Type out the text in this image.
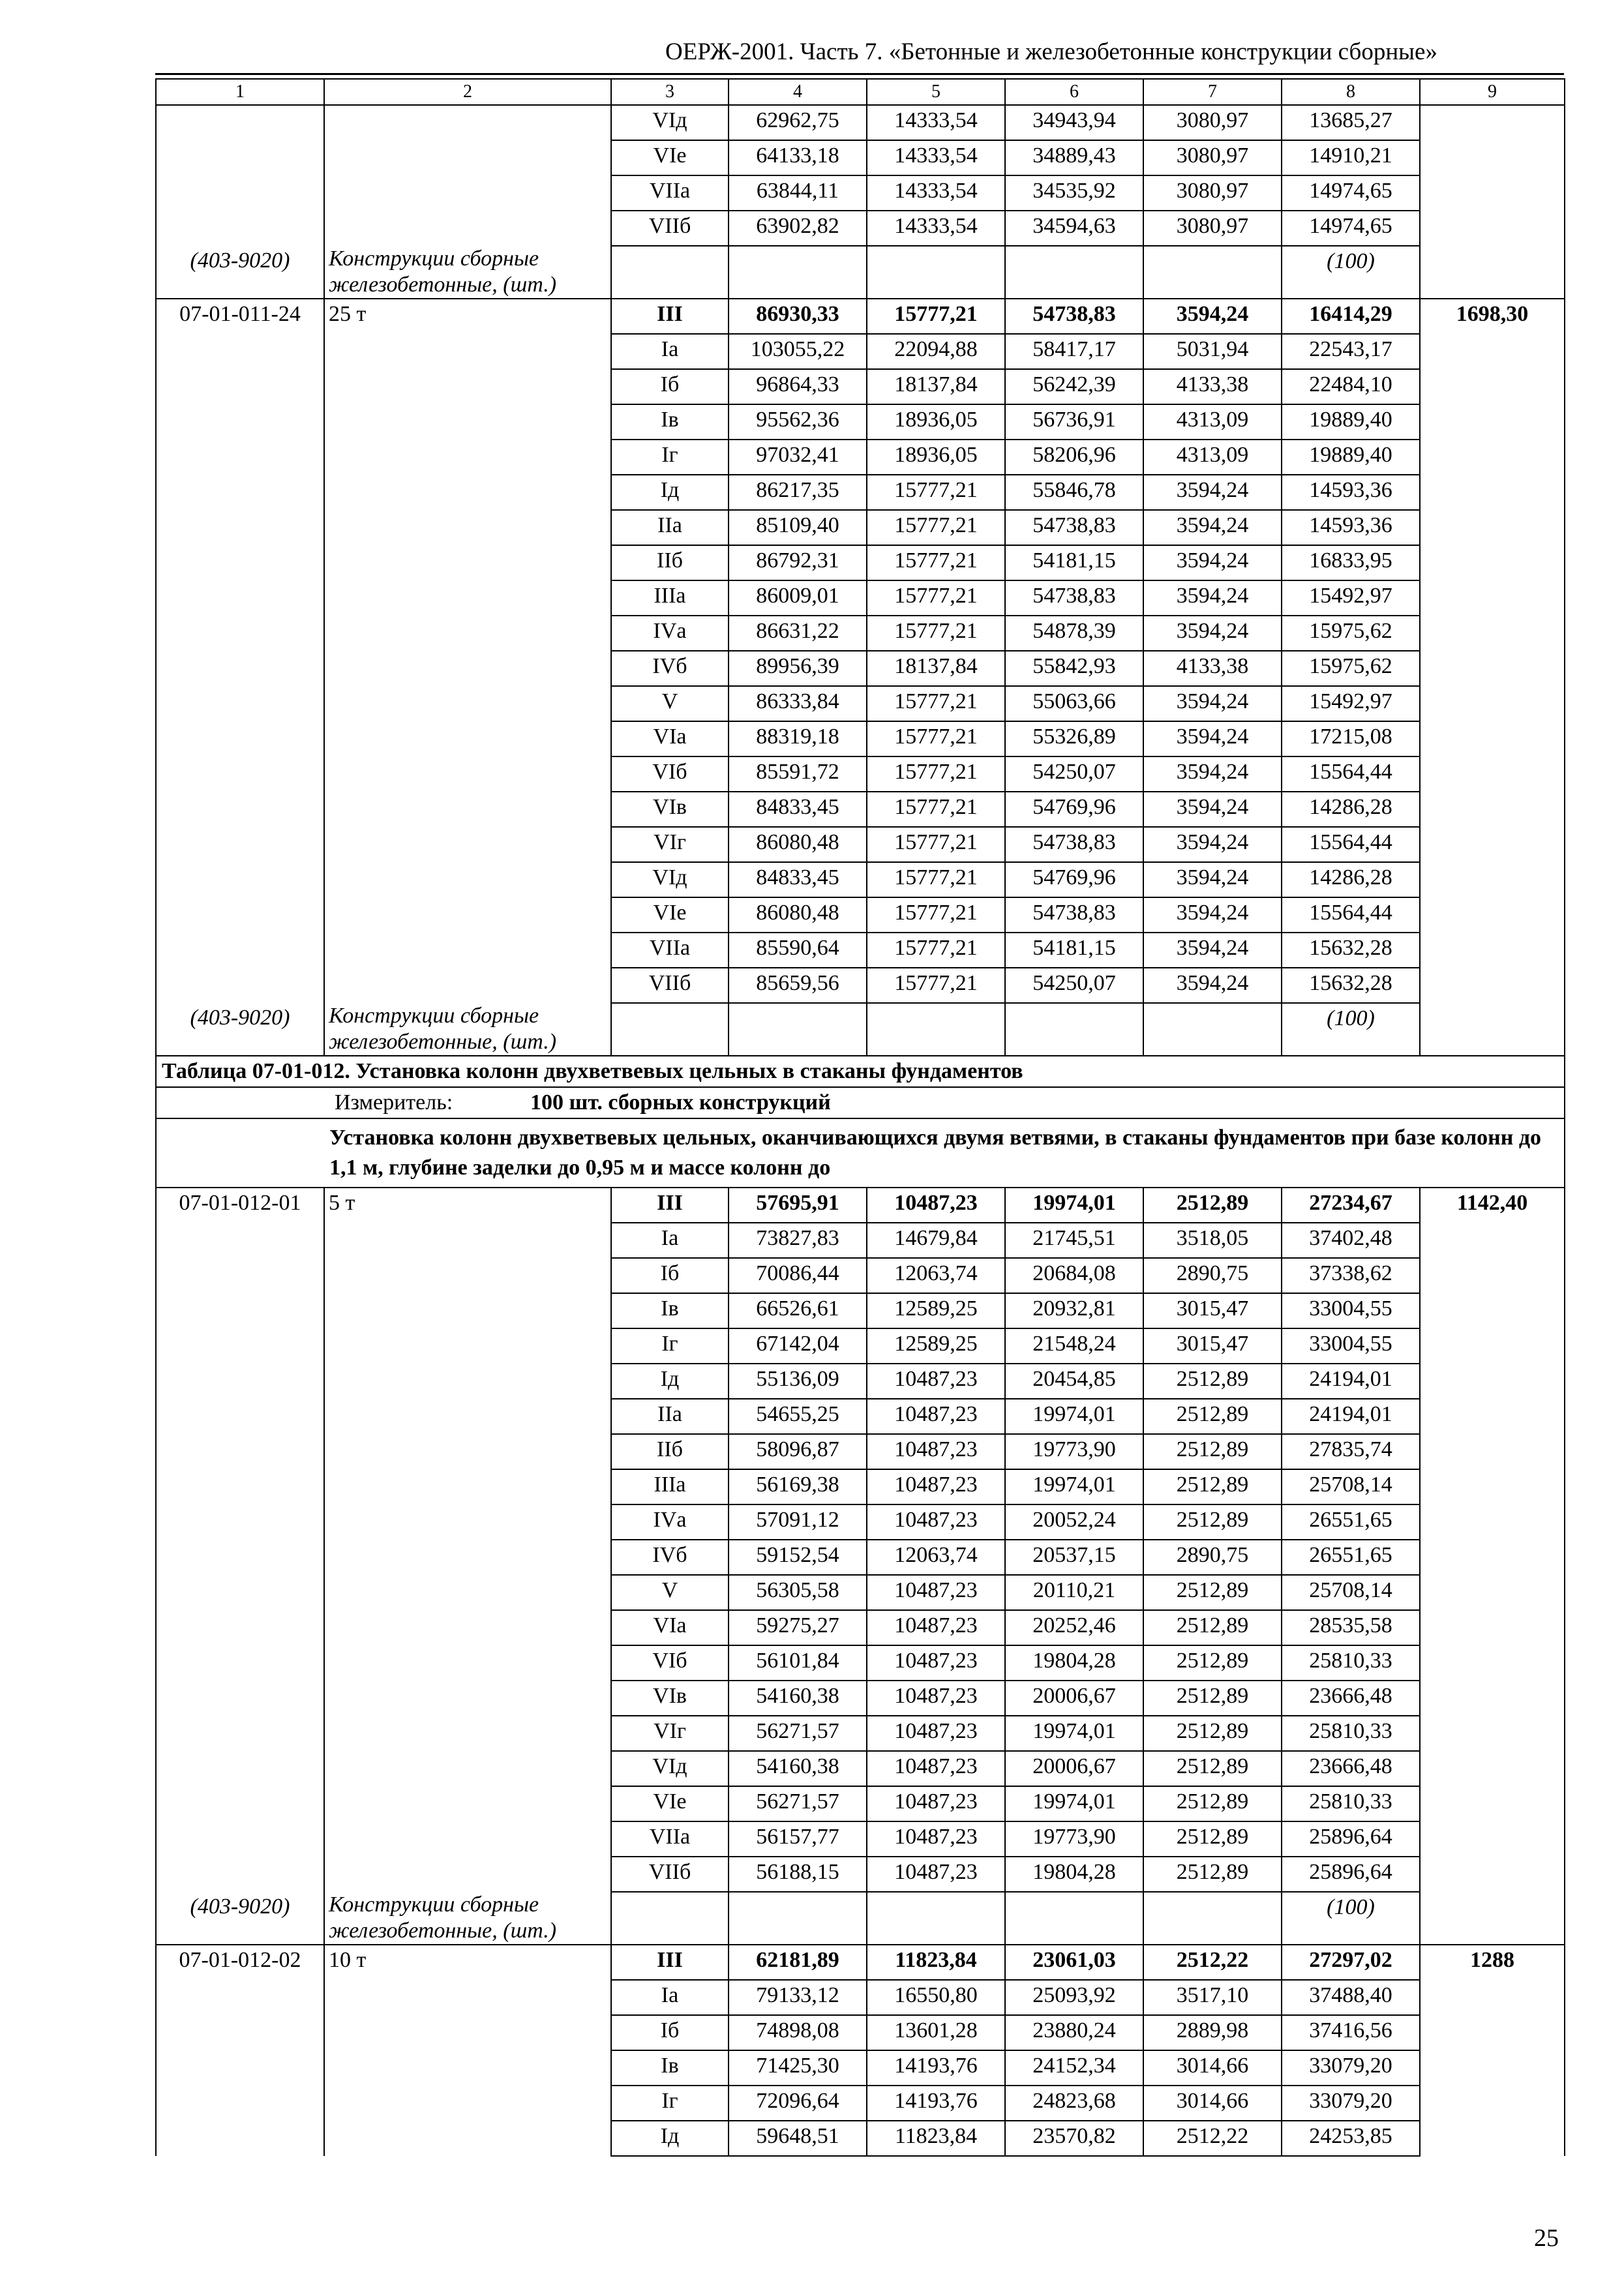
ОЕРЖ-2001. Часть 7. «Бетонные и железобетонные конструкции сборные»
1	2	3	4	5	6	7	8	9
		VIд	62962,75	14333,54	34943,94	3080,97	13685,27	
		VIе	64133,18	14333,54	34889,43	3080,97	14910,21	
		VIIа	63844,11	14333,54	34535,92	3080,97	14974,65	
		VIIб	63902,82	14333,54	34594,63	3080,97	14974,65	
(403-9020)	Конструкции сборные железобетонные, (шт.)						(100)	
07-01-011-24	25 т	III	86930,33	15777,21	54738,83	3594,24	16414,29	1698,30
		Iа	103055,22	22094,88	58417,17	5031,94	22543,17	
		Iб	96864,33	18137,84	56242,39	4133,38	22484,10	
		Iв	95562,36	18936,05	56736,91	4313,09	19889,40	
		Iг	97032,41	18936,05	58206,96	4313,09	19889,40	
		Iд	86217,35	15777,21	55846,78	3594,24	14593,36	
		IIа	85109,40	15777,21	54738,83	3594,24	14593,36	
		IIб	86792,31	15777,21	54181,15	3594,24	16833,95	
		IIIа	86009,01	15777,21	54738,83	3594,24	15492,97	
		IVа	86631,22	15777,21	54878,39	3594,24	15975,62	
		IVб	89956,39	18137,84	55842,93	4133,38	15975,62	
		V	86333,84	15777,21	55063,66	3594,24	15492,97	
		VIа	88319,18	15777,21	55326,89	3594,24	17215,08	
		VIб	85591,72	15777,21	54250,07	3594,24	15564,44	
		VIв	84833,45	15777,21	54769,96	3594,24	14286,28	
		VIг	86080,48	15777,21	54738,83	3594,24	15564,44	
		VIд	84833,45	15777,21	54769,96	3594,24	14286,28	
		VIе	86080,48	15777,21	54738,83	3594,24	15564,44	
		VIIа	85590,64	15777,21	54181,15	3594,24	15632,28	
		VIIб	85659,56	15777,21	54250,07	3594,24	15632,28	
(403-9020)	Конструкции сборные железобетонные, (шт.)						(100)	
Таблица 07-01-012. Установка колонн двухветвевых цельных в стаканы фундаментов								
	Измеритель: 100 шт. сборных конструкций							
	Установка колонн двухветвевых цельных, оканчивающихся двумя ветвями, в стаканы фундаментов при базе колонн до 1,1 м, глубине заделки до 0,95 м и массе колонн до							
07-01-012-01	5 т	III	57695,91	10487,23	19974,01	2512,89	27234,67	1142,40
		Iа	73827,83	14679,84	21745,51	3518,05	37402,48	
		Iб	70086,44	12063,74	20684,08	2890,75	37338,62	
		Iв	66526,61	12589,25	20932,81	3015,47	33004,55	
		Iг	67142,04	12589,25	21548,24	3015,47	33004,55	
		Iд	55136,09	10487,23	20454,85	2512,89	24194,01	
		IIа	54655,25	10487,23	19974,01	2512,89	24194,01	
		IIб	58096,87	10487,23	19773,90	2512,89	27835,74	
		IIIа	56169,38	10487,23	19974,01	2512,89	25708,14	
		IVа	57091,12	10487,23	20052,24	2512,89	26551,65	
		IVб	59152,54	12063,74	20537,15	2890,75	26551,65	
		V	56305,58	10487,23	20110,21	2512,89	25708,14	
		VIа	59275,27	10487,23	20252,46	2512,89	28535,58	
		VIб	56101,84	10487,23	19804,28	2512,89	25810,33	
		VIв	54160,38	10487,23	20006,67	2512,89	23666,48	
		VIг	56271,57	10487,23	19974,01	2512,89	25810,33	
		VIд	54160,38	10487,23	20006,67	2512,89	23666,48	
		VIе	56271,57	10487,23	19974,01	2512,89	25810,33	
		VIIа	56157,77	10487,23	19773,90	2512,89	25896,64	
		VIIб	56188,15	10487,23	19804,28	2512,89	25896,64	
(403-9020)	Конструкции сборные железобетонные, (шт.)						(100)	
07-01-012-02	10 т	III	62181,89	11823,84	23061,03	2512,22	27297,02	1288
		Iа	79133,12	16550,80	25093,92	3517,10	37488,40	
		Iб	74898,08	13601,28	23880,24	2889,98	37416,56	
		Iв	71425,30	14193,76	24152,34	3014,66	33079,20	
		Iг	72096,64	14193,76	24823,68	3014,66	33079,20	
		Iд	59648,51	11823,84	23570,82	2512,22	24253,85	
25
